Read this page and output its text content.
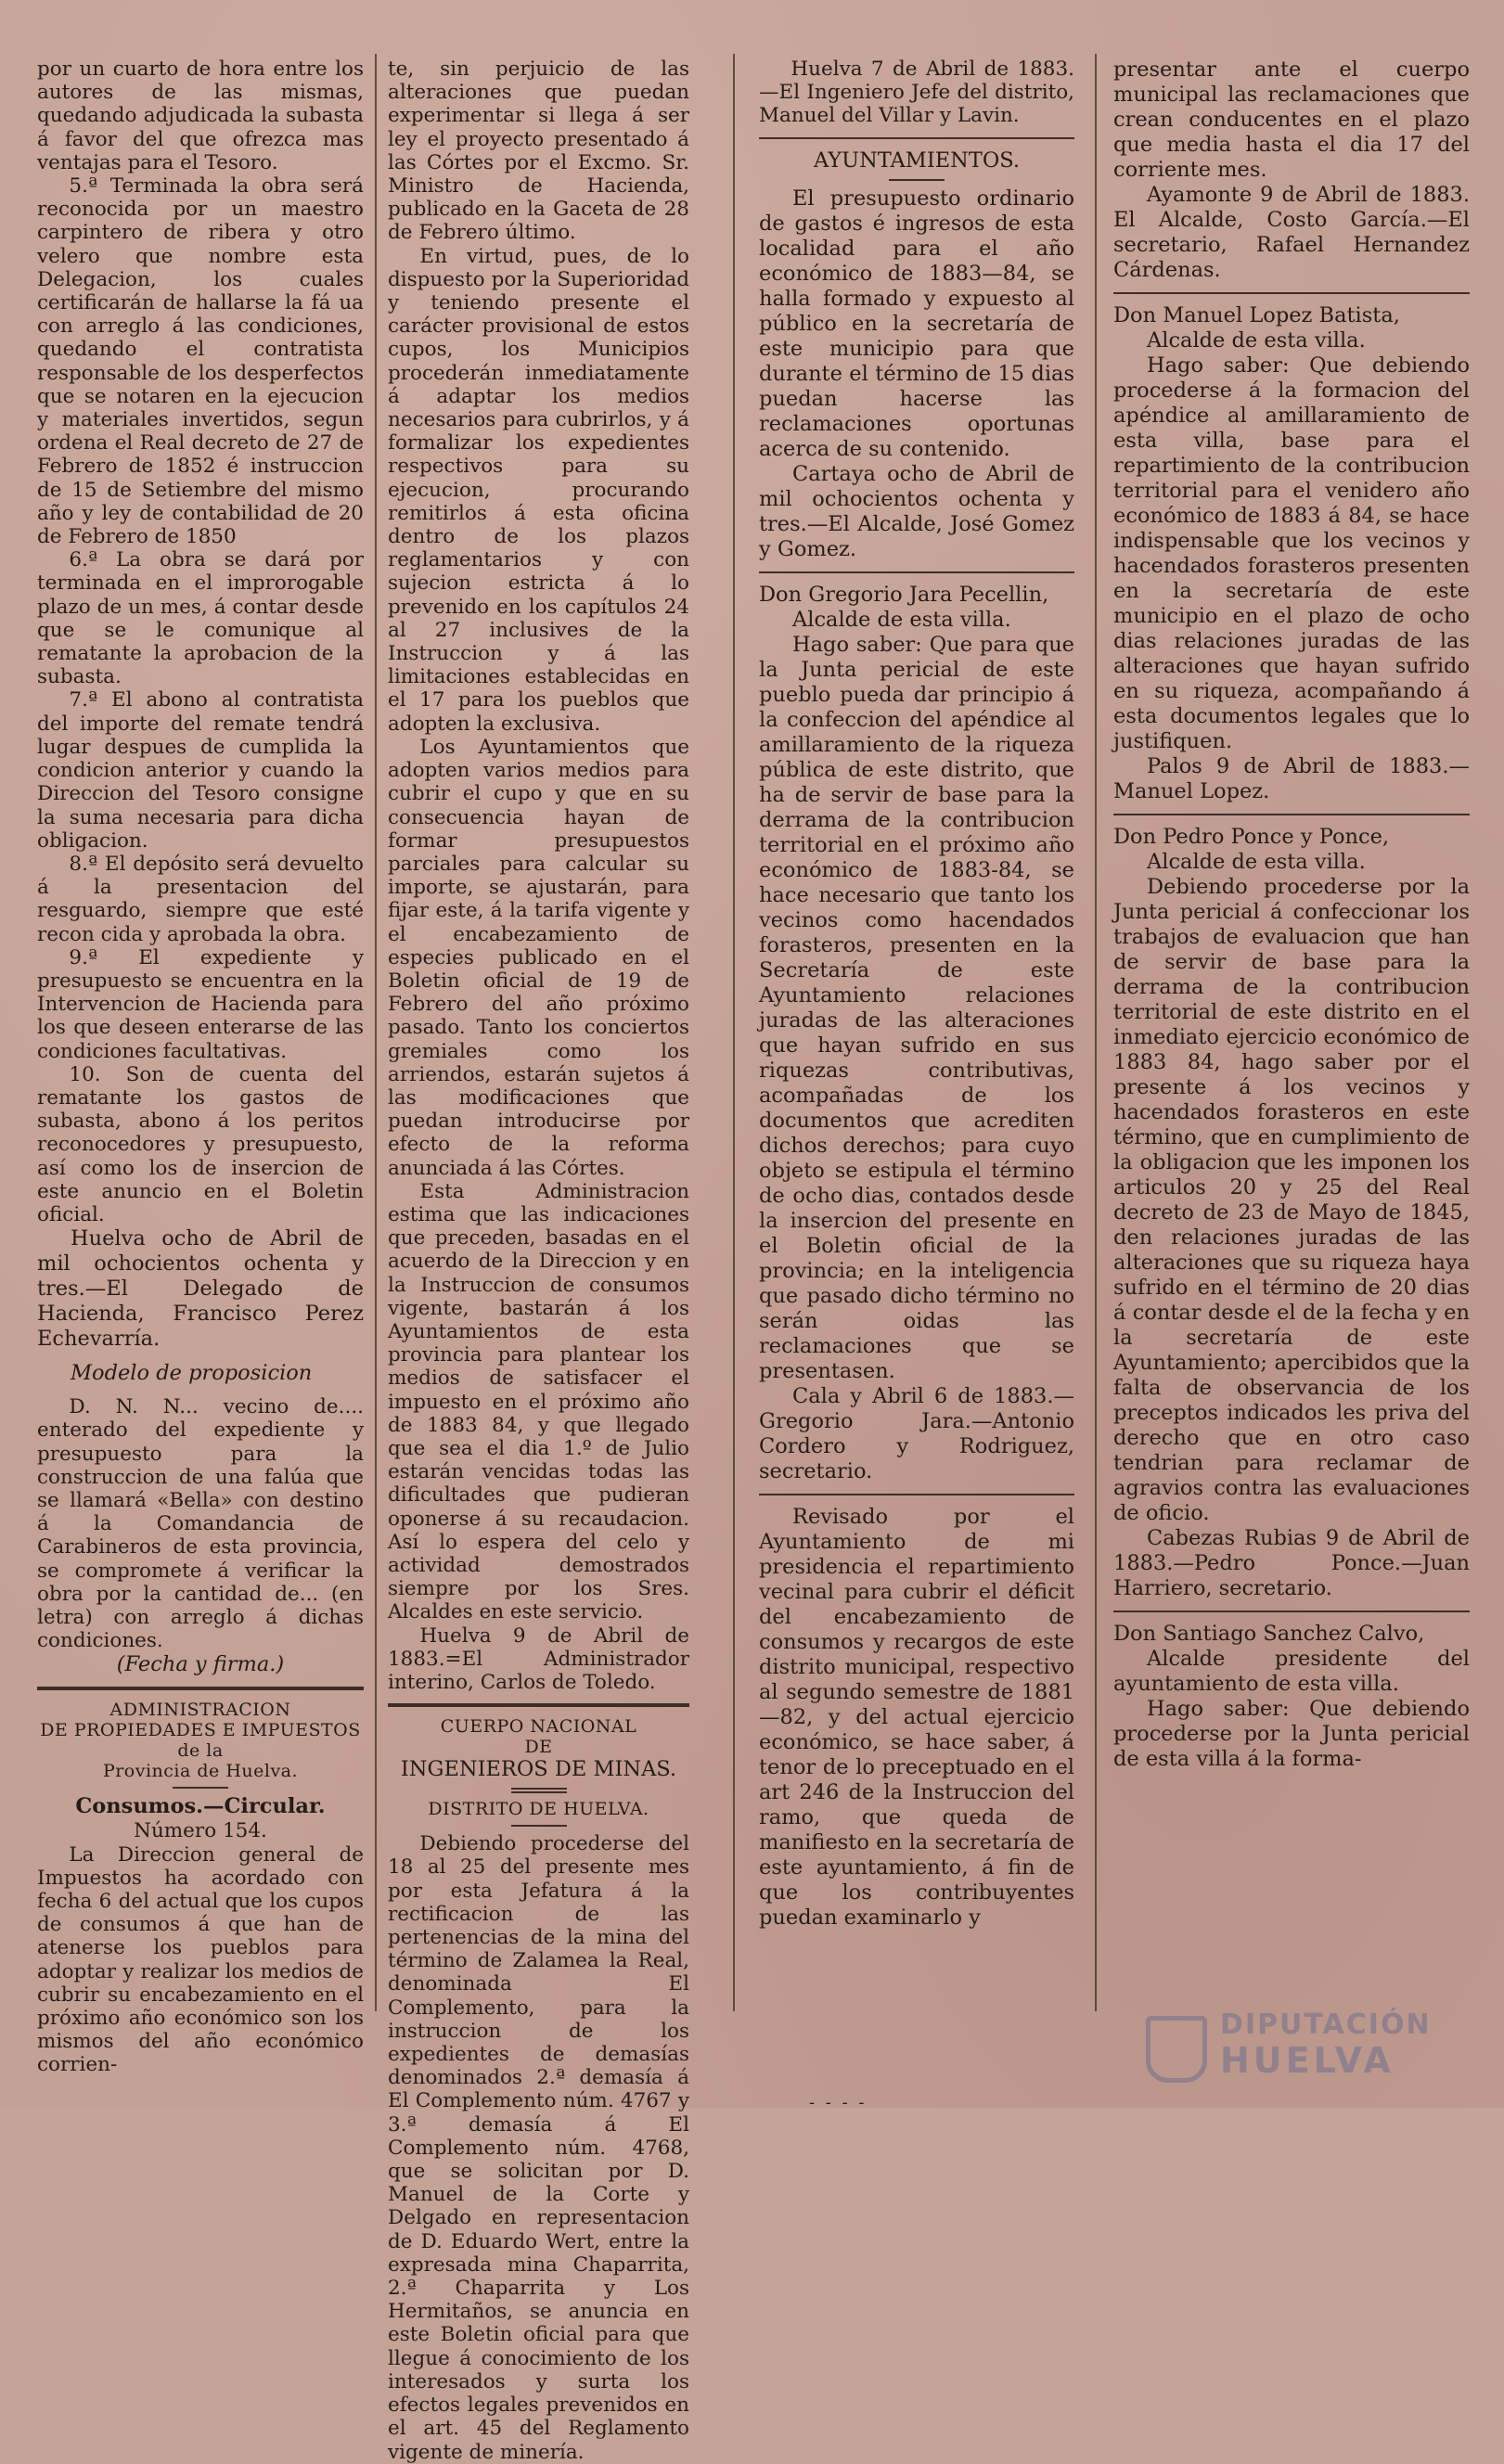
por un cuarto de hora entre los autores de las mismas, quedando adjudicada la subasta á favor del que ofrezca mas ventajas para el Tesoro.

5.ª Terminada la obra será reconocida por un maestro carpintero de ribera y otro velero que nombre esta Delegacion, los cuales certificarán de hallarse la fá ua con arreglo á las condiciones, quedando el contratista responsable de los desperfectos que se notaren en la ejecucion y materiales invertidos, segun ordena el Real decreto de 27 de Febrero de 1852 é instruccion de 15 de Setiembre del mismo año y ley de contabilidad de 20 de Febrero de 1850

6.ª La obra se dará por terminada en el improrogable plazo de un mes, á contar desde que se le comunique al rematante la aprobacion de la subasta.

7.ª El abono al contratista del importe del remate tendrá lugar despues de cumplida la condicion anterior y cuando la Direccion del Tesoro consigne la suma necesaria para dicha obligacion.

8.ª El depósito será devuelto á la presentacion del resguardo, siempre que esté recon cida y aprobada la obra.

9.ª El expediente y presupuesto se encuentra en la Intervencion de Hacienda para los que deseen enterarse de las condiciones facultativas.

10. Son de cuenta del rematante los gastos de subasta, abono á los peritos reconocedores y presupuesto, así como los de insercion de este anuncio en el Boletin oficial.

Huelva ocho de Abril de mil ochocientos ochenta y tres.—El Delegado de Hacienda, Francisco Perez Echevarría.

Modelo de proposicion

D. N. N... vecino de.... enterado del expediente y presupuesto para la construccion de una falúa que se llamará «Bella» con destino á la Comandancia de Carabineros de esta provincia, se compromete á verificar la obra por la cantidad de... (en letra) con arreglo á dichas condiciones.

(Fecha y firma.)

ADMINISTRACION

DE PROPIEDADES E IMPUESTOS

de la

Provincia de Huelva.

Consumos.—Circular.

Número 154.

La Direccion general de Impuestos ha acordado con fecha 6 del actual que los cupos de consumos á que han de atenerse los pueblos para adoptar y realizar los medios de cubrir su encabezamiento en el próximo año económico son los mismos del año económico corrien-

te, sin perjuicio de las alteraciones que puedan experimentar si llega á ser ley el proyecto presentado á las Córtes por el Excmo. Sr. Ministro de Hacienda, publicado en la Gaceta de 28 de Febrero último.

En virtud, pues, de lo dispuesto por la Superioridad y teniendo presente el carácter provisional de estos cupos, los Municipios procederán inmediatamente á adaptar los medios necesarios para cubrirlos, y á formalizar los expedientes respectivos para su ejecucion, procurando remitirlos á esta oficina dentro de los plazos reglamentarios y con sujecion estricta á lo prevenido en los capítulos 24 al 27 inclusives de la Instruccion y á las limitaciones establecidas en el 17 para los pueblos que adopten la exclusiva.

Los Ayuntamientos que adopten varios medios para cubrir el cupo y que en su consecuencia hayan de formar presupuestos parciales para calcular su importe, se ajustarán, para fijar este, á la tarifa vigente y el encabezamiento de especies publicado en el Boletin oficial de 19 de Febrero del año próximo pasado. Tanto los conciertos gremiales como los arriendos, estarán sujetos á las modificaciones que puedan introducirse por efecto de la reforma anunciada á las Córtes.

Esta Administracion estima que las indicaciones que preceden, basadas en el acuerdo de la Direccion y en la Instruccion de consumos vigente, bastarán á los Ayuntamientos de esta provincia para plantear los medios de satisfacer el impuesto en el próximo año de 1883 84, y que llegado que sea el dia 1.º de Julio estarán vencidas todas las dificultades que pudieran oponerse á su recaudacion. Así lo espera del celo y actividad demostrados siempre por los Sres. Alcaldes en este servicio.

Huelva 9 de Abril de 1883.=El Administrador interino, Carlos de Toledo.

CUERPO NACIONAL

DE

INGENIEROS DE MINAS.

DISTRITO DE HUELVA.

Debiendo procederse del 18 al 25 del presente mes por esta Jefatura á la rectificacion de las pertenencias de la mina del término de Zalamea la Real, denominada El Complemento, para la instruccion de los expedientes de demasías denominados 2.ª demasía á El Complemento núm. 4767 y 3.ª demasía á El Complemento núm. 4768, que se solicitan por D. Manuel de la Corte y Delgado en representacion de D. Eduardo Wert, entre la expresada mina Chaparrita, 2.ª Chaparrita y Los Hermitaños, se anuncia en este Boletin oficial para que llegue á conocimiento de los interesados y surta los efectos legales prevenidos en el art. 45 del Reglamento vigente de minería.

Huelva 7 de Abril de 1883.—El Ingeniero Jefe del distrito, Manuel del Villar y Lavin.

AYUNTAMIENTOS.

El presupuesto ordinario de gastos é ingresos de esta localidad para el año económico de 1883—84, se halla formado y expuesto al público en la secretaría de este municipio para que durante el término de 15 dias puedan hacerse las reclamaciones oportunas acerca de su contenido.

Cartaya ocho de Abril de mil ochocientos ochenta y tres.—El Alcalde, José Gomez y Gomez.

Don Gregorio Jara Pecellin,

Alcalde de esta villa.

Hago saber: Que para que la Junta pericial de este pueblo pueda dar principio á la confeccion del apéndice al amillaramiento de la riqueza pública de este distrito, que ha de servir de base para la derrama de la contribucion territorial en el próximo año económico de 1883-84, se hace necesario que tanto los vecinos como hacendados forasteros, presenten en la Secretaría de este Ayuntamiento relaciones juradas de las alteraciones que hayan sufrido en sus riquezas contributivas, acompañadas de los documentos que acrediten dichos derechos; para cuyo objeto se estipula el término de ocho dias, contados desde la insercion del presente en el Boletin oficial de la provincia; en la inteligencia que pasado dicho término no serán oidas las reclamaciones que se presentasen.

Cala y Abril 6 de 1883.—Gregorio Jara.—Antonio Cordero y Rodriguez, secretario.

Revisado por el Ayuntamiento de mi presidencia el repartimiento vecinal para cubrir el déficit del encabezamiento de consumos y recargos de este distrito municipal, respectivo al segundo semestre de 1881—82, y del actual ejercicio económico, se hace saber, á tenor de lo preceptuado en el art 246 de la Instruccion del ramo, que queda de manifiesto en la secretaría de este ayuntamiento, á fin de que los contribuyentes puedan examinarlo y

presentar ante el cuerpo municipal las reclamaciones que crean conducentes en el plazo que media hasta el dia 17 del corriente mes.

Ayamonte 9 de Abril de 1883. El Alcalde, Costo García.—El secretario, Rafael Hernandez Cárdenas.

Don Manuel Lopez Batista,

Alcalde de esta villa.

Hago saber: Que debiendo procederse á la formacion del apéndice al amillaramiento de esta villa, base para el repartimiento de la contribucion territorial para el venidero año económico de 1883 á 84, se hace indispensable que los vecinos y hacendados forasteros presenten en la secretaría de este municipio en el plazo de ocho dias relaciones juradas de las alteraciones que hayan sufrido en su riqueza, acompañando á esta documentos legales que lo justifiquen.

Palos 9 de Abril de 1883.—Manuel Lopez.

Don Pedro Ponce y Ponce,

Alcalde de esta villa.

Debiendo procederse por la Junta pericial á confeccionar los trabajos de evaluacion que han de servir de base para la derrama de la contribucion territorial de este distrito en el inmediato ejercicio económico de 1883 84, hago saber por el presente á los vecinos y hacendados forasteros en este término, que en cumplimiento de la obligacion que les imponen los articulos 20 y 25 del Real decreto de 23 de Mayo de 1845, den relaciones juradas de las alteraciones que su riqueza haya sufrido en el término de 20 dias á contar desde el de la fecha y en la secretaría de este Ayuntamiento; apercibidos que la falta de observancia de los preceptos indicados les priva del derecho que en otro caso tendrian para reclamar de agravios contra las evaluaciones de oficio.

Cabezas Rubias 9 de Abril de 1883.—Pedro Ponce.—Juan Harriero, secretario.

Don Santiago Sanchez Calvo,

Alcalde presidente del ayuntamiento de esta villa.

Hago saber: Que debiendo procederse por la Junta pericial de esta villa á la forma-

- - - -
DIPUTACIÓN
HUELVA
